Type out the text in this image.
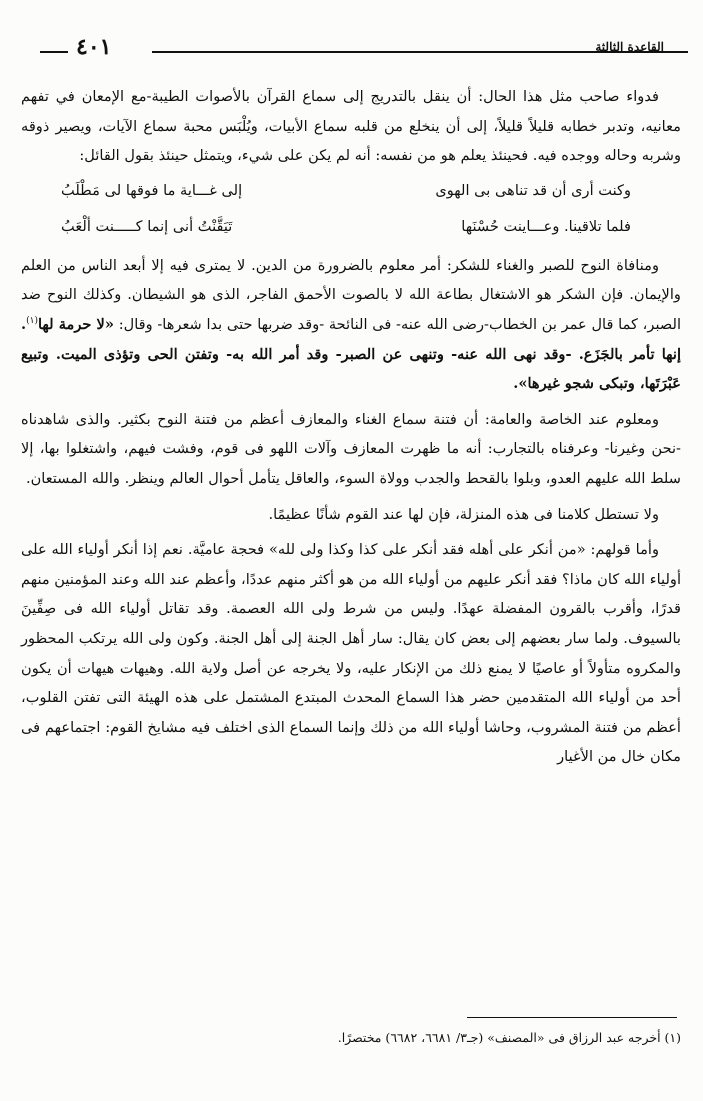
القاعدة الثالثة
٤٠١

فدواء صاحب مثل هذا الحال: أن ينقل بالتدريج إلى سماع القرآن بالأصوات الطيبة-مع الإمعان في تفهم معانيه، وتدبر خطابه قليلاً قليلاً، إلى أن ينخلع من قلبه سماع الأبيات، ويُلْبَس محبة سماع الآيات، ويصير ذوقه وشربه وحاله ووجده فيه. فحينئذ يعلم هو من نفسه: أنه لم يكن على شيء، ويتمثل حينئذ بقول القائل:

وكنت أرى أن قد تناهى بى الهوى
إلى غـــاية ما فوقها لى مَطْلَبُ
فلما تلاقينا. وعـــاينت حُسْنَها
تَيَقَّنْتُ أنى إنما كـــــنت ألْعَبُ

ومنافاة النوح للصبر والغناء للشكر: أمر معلوم بالضرورة من الدين. لا يمترى فيه إلا أبعد الناس من العلم والإيمان. فإن الشكر هو الاشتغال بطاعة الله لا بالصوت الأحمق الفاجر، الذى هو الشيطان. وكذلك النوح ضد الصبر، كما قال عمر بن الخطاب-رضى الله عنه- فى النائحة -وقد ضربها حتى بدا شعرها- وقال: «لا حرمة لها$^{(١)}$. إنها تأمر بالجَزَع. -وقد نهى الله عنه- وتنهى عن الصبر- وقد أمر الله به- وتفتن الحى وتؤذى الميت. وتبيع عَبْرَتَها، وتبكى شجو غيرها».

ومعلوم عند الخاصة والعامة: أن فتنة سماع الغناء والمعازف أعظم من فتنة النوح بكثير. والذى شاهدناه -نحن وغيرنا- وعرفناه بالتجارب: أنه ما ظهرت المعازف وآلات اللهو فى قوم، وفشت فيهم، واشتغلوا بها، إلا سلط الله عليهم العدو، وبلوا بالقحط والجدب وولاة السوء، والعاقل يتأمل أحوال العالم وينظر. والله المستعان.

ولا تستطل كلامنا فى هذه المنزلة، فإن لها عند القوم شأنًا عظيمًا.

وأما قولهم: «من أنكر على أهله فقد أنكر على كذا وكذا ولى لله» فحجة عاميَّة. نعم إذا أنكر أولياء الله على أولياء الله كان ماذا؟ فقد أنكر عليهم من أولياء الله من هو أكثر منهم عددًا، وأعظم عند الله وعند المؤمنين منهم قدرًا، وأقرب بالقرون المفضلة عهدًا. وليس من شرط ولى الله العصمة. وقد تقاتل أولياء الله فى صِفِّينَ بالسيوف. ولما سار بعضهم إلى بعض كان يقال: سار أهل الجنة إلى أهل الجنة. وكون ولى الله يرتكب المحظور والمكروه متأولاً أو عاصيًا لا يمنع ذلك من الإنكار عليه، ولا يخرجه عن أصل ولاية الله. وهيهات هيهات أن يكون أحد من أولياء الله المتقدمين حضر هذا السماع المحدث المبتدع المشتمل على هذه الهيئة التى تفتن القلوب، أعظم من فتنة المشروب، وحاشا أولياء الله من ذلك وإنما السماع الذى اختلف فيه مشايخ القوم: اجتماعهم فى مكان خال من الأغيار

(١) أخرجه عبد الرزاق فى «المصنف» (جـ٣/ ٦٦٨١، ٦٦٨٢) مختصرًا.
